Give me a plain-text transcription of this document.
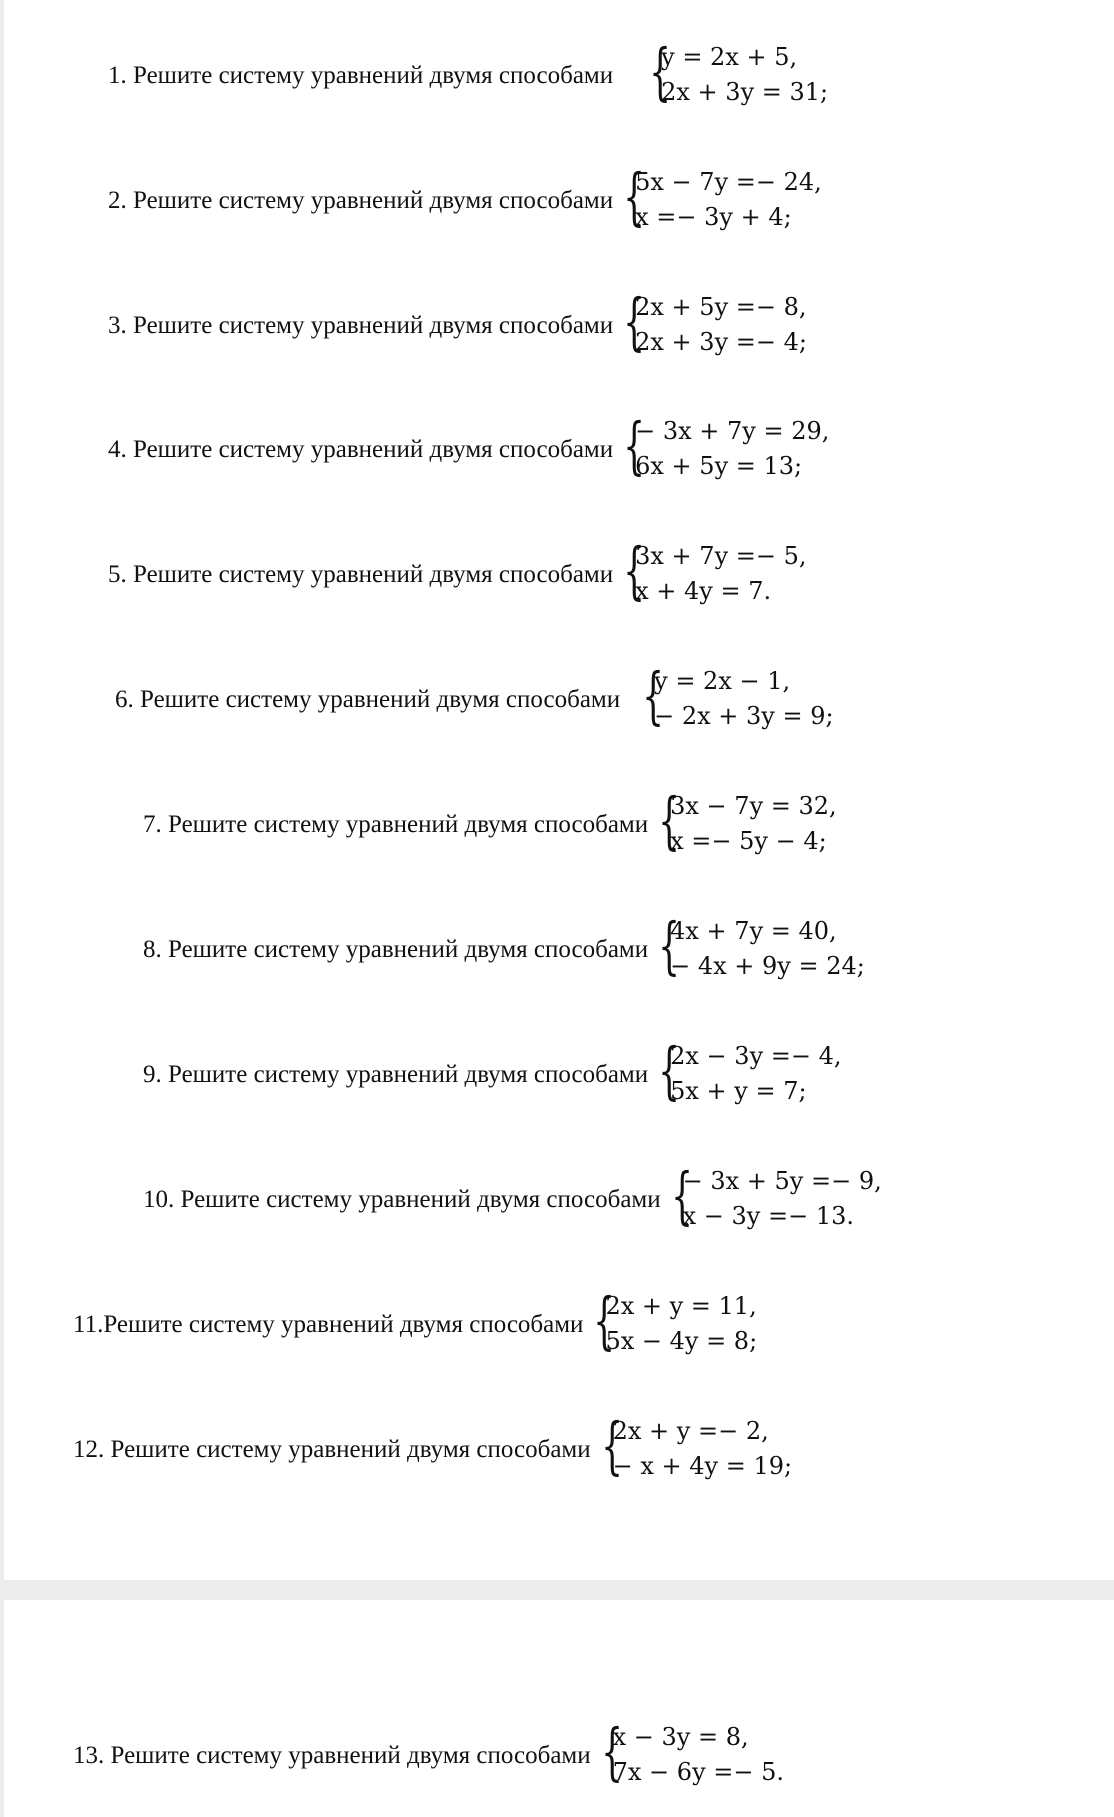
1. Решите систему уравнений двумя способами {
y = 2x + 5,
2x + 3y = 31;
2. Решите систему уравнений двумя способами {
5x − 7y =− 24,
x =− 3y + 4;
3. Решите систему уравнений двумя способами {
2x + 5y =− 8,
2x + 3y =− 4;
4. Решите систему уравнений двумя способами {
− 3x + 7y = 29,
6x + 5y = 13;
5. Решите систему уравнений двумя способами {
3x + 7y =− 5,
x + 4y = 7.
6. Решите систему уравнений двумя способами {
y = 2x − 1,
− 2x + 3y = 9;
7. Решите систему уравнений двумя способами {
3x − 7y = 32,
x =− 5y − 4;
8. Решите систему уравнений двумя способами {
4x + 7y = 40,
− 4x + 9y = 24;
9. Решите систему уравнений двумя способами {
2x − 3y =− 4,
5x + y = 7;
10. Решите систему уравнений двумя способами {
− 3x + 5y =− 9,
x − 3y =− 13.
11.Решите систему уравнений двумя способами {
2x + y = 11,
5x − 4y = 8;
12. Решите систему уравнений двумя способами {
2x + y =− 2,
− x + 4y = 19;
13. Решите систему уравнений двумя способами {
x − 3y = 8,
7x − 6y =− 5.
